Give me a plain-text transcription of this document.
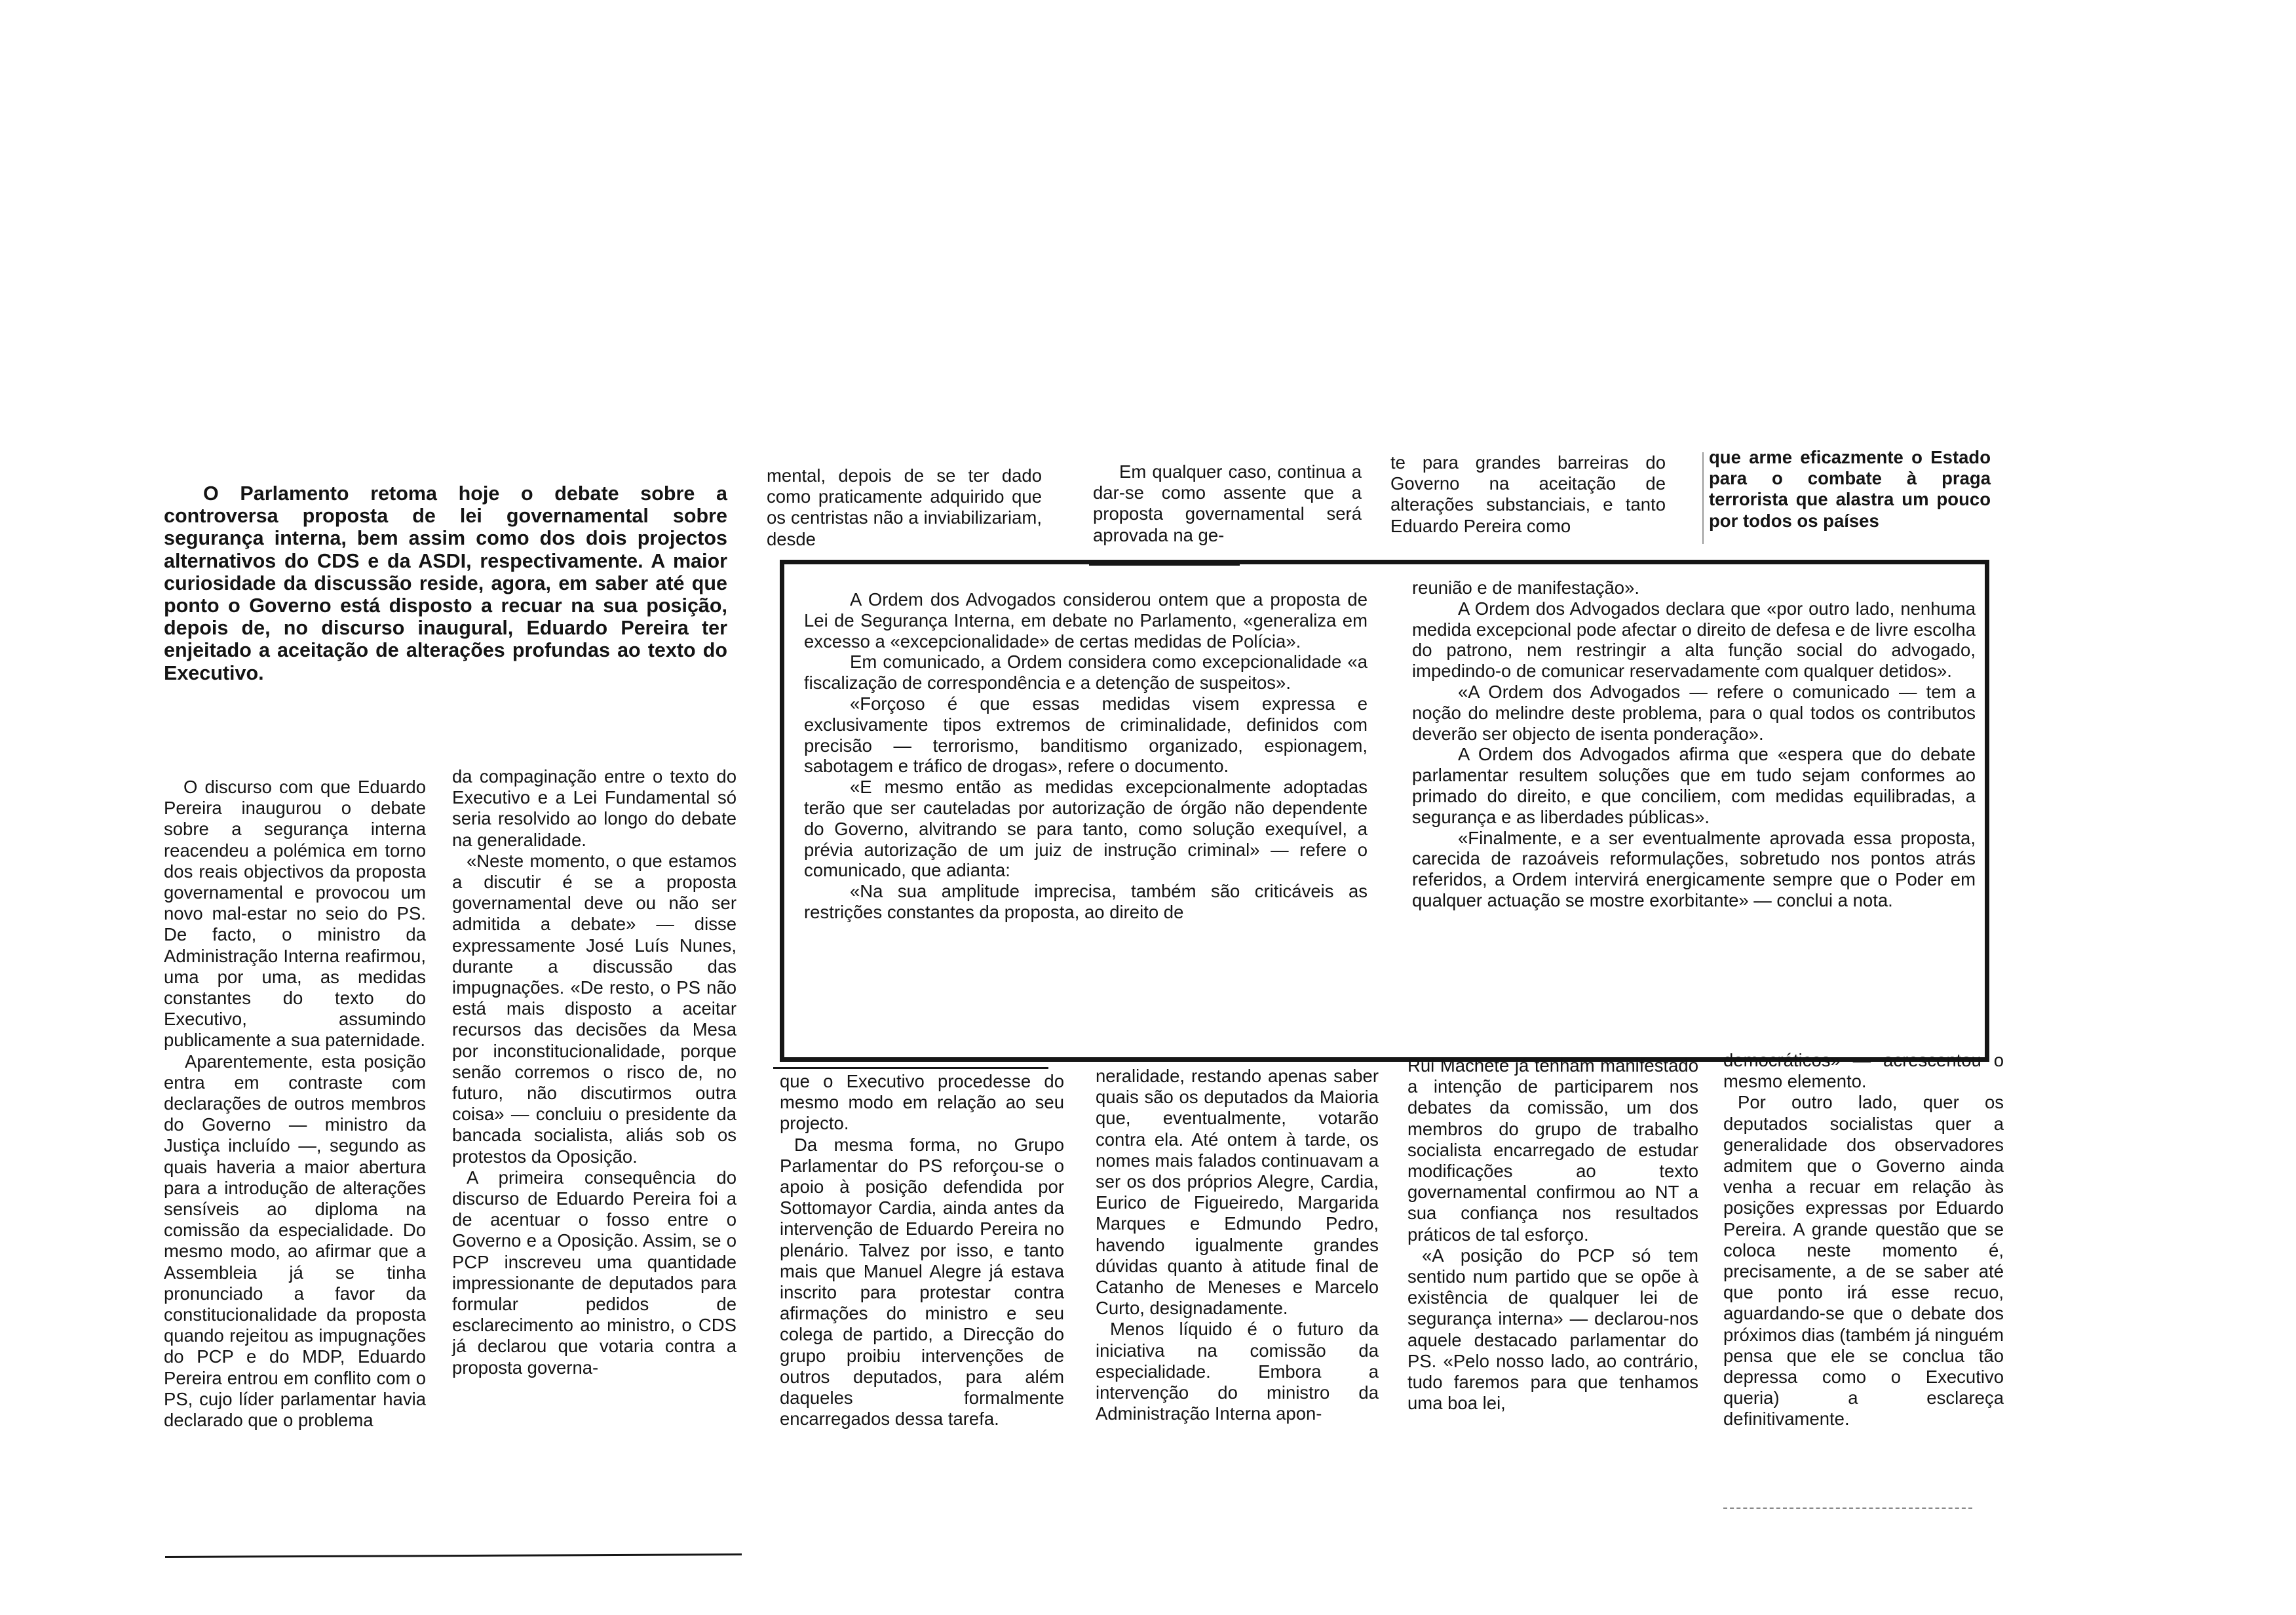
O Parlamento retoma hoje o debate sobre a controversa proposta de lei governamental sobre segurança interna, bem assim como dos dois projectos alternativos do CDS e da ASDI, respectivamente. A maior curiosidade da discussão reside, agora, em saber até que ponto o Governo está disposto a recuar na sua posição, depois de, no discurso inaugural, Eduardo Pereira ter enjeitado a aceitação de alterações profundas ao texto do Executivo.

mental, depois de se ter dado como praticamente adquirido que os centristas não a inviabilizariam, desde

Em qualquer caso, continua a dar-se como assente que a proposta governamental será aprovada na ge-

te para grandes barreiras do Governo na aceitação de alterações substanciais, e tanto Eduardo Pereira como

que arme eficazmente o Estado para o combate à praga terrorista que alastra um pouco por todos os países

A Ordem dos Advogados considerou ontem que a proposta de Lei de Segurança Interna, em debate no Parlamento, «generaliza em excesso a «excepcionalidade» de certas medidas de Polícia».

Em comunicado, a Ordem considera como excepcionalidade «a fiscalização de correspondência e a detenção de suspeitos».

«Forçoso é que essas medidas visem expressa e exclusivamente tipos extremos de criminalidade, definidos com precisão — terrorismo, banditismo organizado, espionagem, sabotagem e tráfico de drogas», refere o documento.

«E mesmo então as medidas excepcionalmente adoptadas terão que ser cauteladas por autorização de órgão não dependente do Governo, alvitrando se para tanto, como solução exequível, a prévia autorização de um juiz de instrução criminal» — refere o comunicado, que adianta:

«Na sua amplitude imprecisa, também são criticáveis as restrições constantes da proposta, ao direito de

reunião e de manifestação».

A Ordem dos Advogados declara que «por outro lado, nenhuma medida excepcional pode afectar o direito de defesa e de livre escolha do patrono, nem restringir a alta função social do advogado, impedindo-o de comunicar reservadamente com qualquer detidos».

«A Ordem dos Advogados — refere o comunicado — tem a noção do melindre deste problema, para o qual todos os contributos deverão ser objecto de isenta ponderação».

A Ordem dos Advogados afirma que «espera que do debate parlamentar resultem soluções que em tudo sejam conformes ao primado do direito, e que conciliem, com medidas equilibradas, a segurança e as liberdades públicas».

«Finalmente, e a ser eventualmente aprovada essa proposta, carecida de razoáveis reformulações, sobretudo nos pontos atrás referidos, a Ordem intervirá energicamente sempre que o Poder em qualquer actuação se mostre exorbitante» — conclui a nota.

O discurso com que Eduardo Pereira inaugurou o debate sobre a segurança interna reacendeu a polémica em torno dos reais objectivos da proposta governamental e provocou um novo mal-estar no seio do PS. De facto, o ministro da Administração Interna reafirmou, uma por uma, as medidas constantes do texto do Executivo, assumindo publicamente a sua paternidade.

Aparentemente, esta posição entra em contraste com declarações de outros membros do Governo — ministro da Justiça incluído —, segundo as quais haveria a maior abertura para a introdução de alterações sensíveis ao diploma na comissão da especialidade. Do mesmo modo, ao afirmar que a Assembleia já se tinha pronunciado a favor da constitucionalidade da proposta quando rejeitou as impugnações do PCP e do MDP, Eduardo Pereira entrou em conflito com o PS, cujo líder parlamentar havia declarado que o problema

da compaginação entre o texto do Executivo e a Lei Fundamental só seria resolvido ao longo do debate na generalidade.

«Neste momento, o que estamos a discutir é se a proposta governamental deve ou não ser admitida a debate» — disse expressamente José Luís Nunes, durante a discussão das impugnações. «De resto, o PS não está mais disposto a aceitar recursos das decisões da Mesa por inconstitucionalidade, porque senão corremos o risco de, no futuro, não discutirmos outra coisa» — concluiu o presidente da bancada socialista, aliás sob os protestos da Oposição.

A primeira consequência do discurso de Eduardo Pereira foi a de acentuar o fosso entre o Governo e a Oposição. Assim, se o PCP inscreveu uma quantidade impressionante de deputados para formular pedidos de esclarecimento ao ministro, o CDS já declarou que votaria contra a proposta governa-

que o Executivo procedesse do mesmo modo em relação ao seu projecto.

Da mesma forma, no Grupo Parlamentar do PS reforçou-se o apoio à posição defendida por Sottomayor Cardia, ainda antes da intervenção de Eduardo Pereira no plenário. Talvez por isso, e tanto mais que Manuel Alegre já estava inscrito para protestar contra afirmações do ministro e seu colega de partido, a Direcção do grupo proibiu intervenções de outros deputados, para além daqueles formalmente encarregados dessa tarefa.

neralidade, restando apenas saber quais são os deputados da Maioria que, eventualmente, votarão contra ela. Até ontem à tarde, os nomes mais falados continuavam a ser os dos próprios Alegre, Cardia, Eurico de Figueiredo, Margarida Marques e Edmundo Pedro, havendo igualmente grandes dúvidas quanto à atitude final de Catanho de Meneses e Marcelo Curto, designadamente.

Menos líquido é o futuro da iniciativa na comissão da especialidade. Embora a intervenção do ministro da Administração Interna apon-

Rui Machete já tenham manifestado a intenção de participarem nos debates da comissão, um dos membros do grupo de trabalho socialista encarregado de estudar modificações ao texto governamental confirmou ao NT a sua confiança nos resultados práticos de tal esforço.

«A posição do PCP só tem sentido num partido que se opõe à existência de qualquer lei de segurança interna» — declarou-nos aquele destacado parlamentar do PS. «Pelo nosso lado, ao contrário, tudo faremos para que tenhamos uma boa lei,

democráticos» — acrescentou o mesmo elemento.

Por outro lado, quer os deputados socialistas quer a generalidade dos observadores admitem que o Governo ainda venha a recuar em relação às posições expressas por Eduardo Pereira. A grande questão que se coloca neste momento é, precisamente, a de se saber até que ponto irá esse recuo, aguardando-se que o debate dos próximos dias (também já ninguém pensa que ele se conclua tão depressa como o Executivo queria) a esclareça definitivamente.
